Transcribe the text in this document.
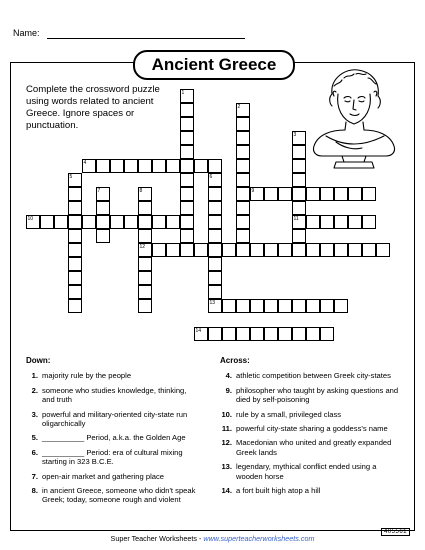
Name:
Ancient Greece
Complete the crossword puzzle using words related to ancient Greece. Ignore spaces or punctuation.
1
2
3
4
5	6
7	8	9
10	11
12
13
14
Down:
1. majority rule by the people
2. someone who studies knowledge, thinking, and truth
3. powerful and military-oriented city-state run oligarchically
5. __________ Period, a.k.a. the Golden Age
6. __________ Period: era of cultural mixing starting in 323 B.C.E.
7. open-air market and gathering place
8. in ancient Greece, someone who didn't speak Greek; today, someone rough and violent
Across:
4. athletic competition between Greek city-states
9. philosopher who taught by asking questions and died by self-poisoning
10. rule by a small, privileged class
11. powerful city-state sharing a goddess's name
12. Macedonian who united and greatly expanded Greek lands
13. legendary, mythical conflict ended using a wooden horse
14. a fort built high atop a hill
Super Teacher Worksheets - www.superteacherworksheets.com
405561
